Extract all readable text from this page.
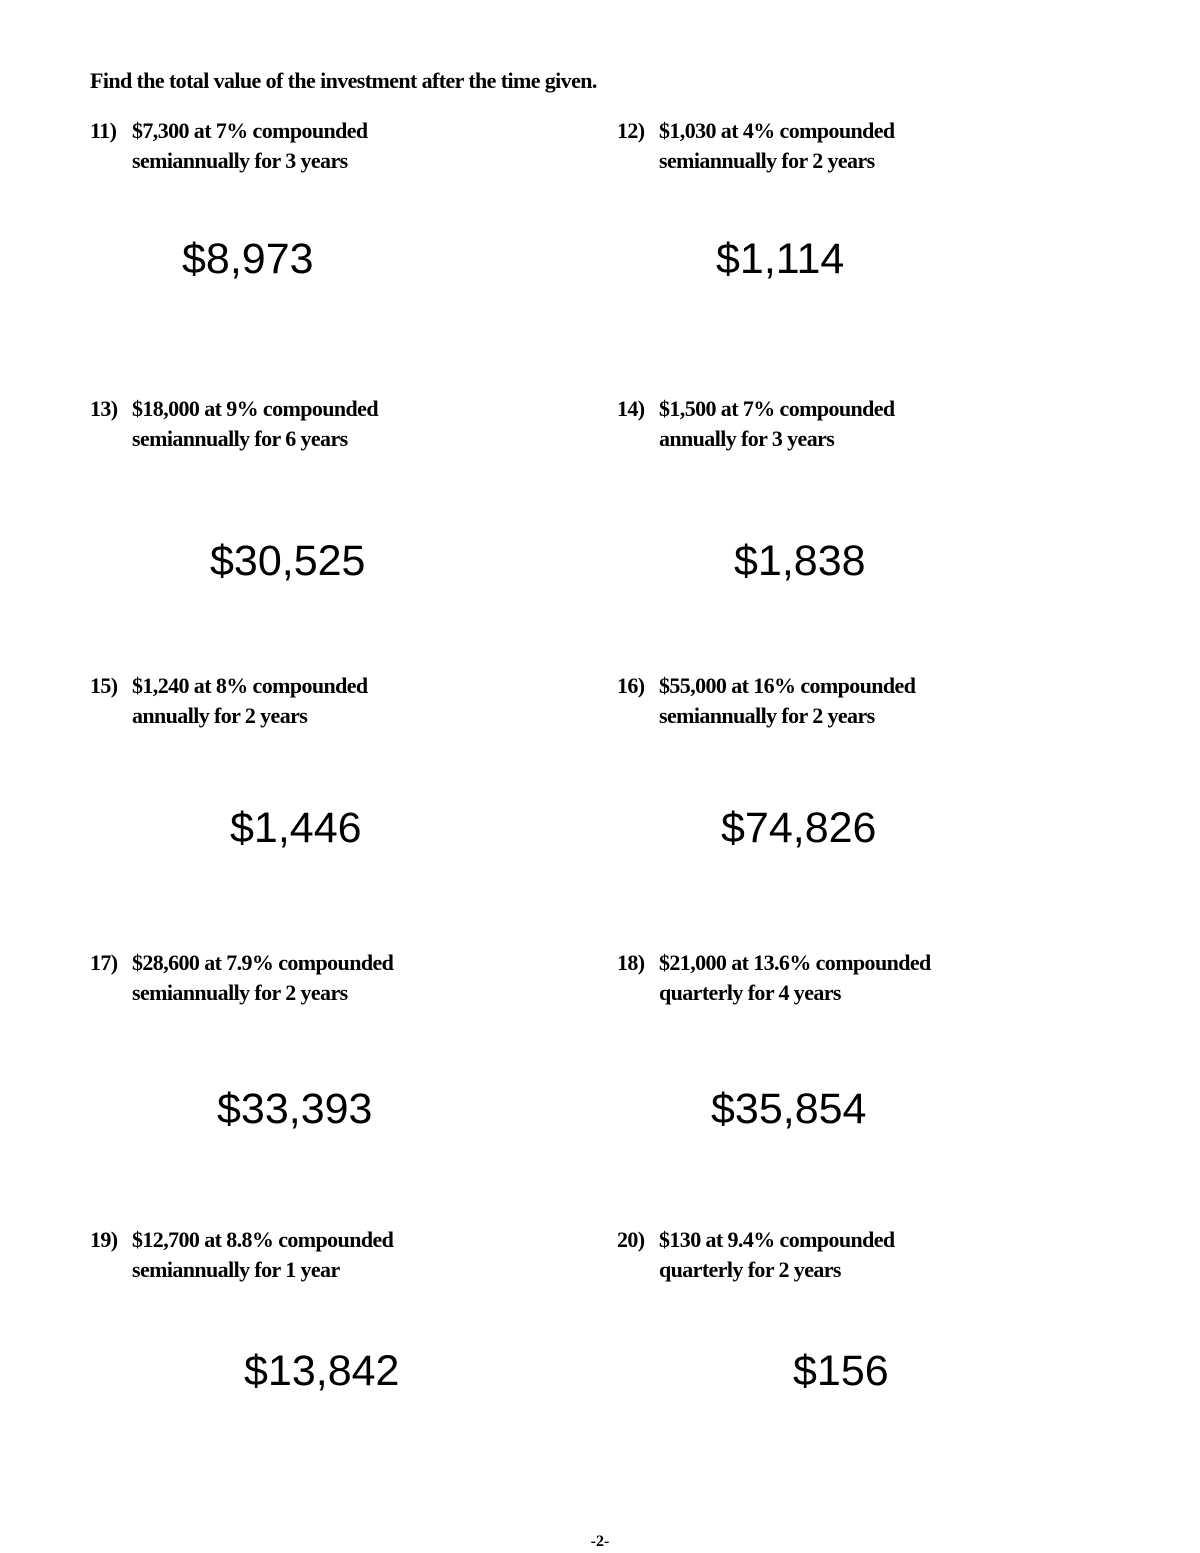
Find the total value of the investment after the time given.
11) $7,300 at 7% compounded
semiannually for 3 years
$8,973
12) $1,030 at 4% compounded
semiannually for 2 years
$1,114
13) $18,000 at 9% compounded
semiannually for 6 years
$30,525
14) $1,500 at 7% compounded
annually for 3 years
$1,838
15) $1,240 at 8% compounded
annually for 2 years
$1,446
16) $55,000 at 16% compounded
semiannually for 2 years
$74,826
17) $28,600 at 7.9% compounded
semiannually for 2 years
$33,393
18) $21,000 at 13.6% compounded
quarterly for 4 years
$35,854
19) $12,700 at 8.8% compounded
semiannually for 1 year
$13,842
20) $130 at 9.4% compounded
quarterly for 2 years
$156
-2-
